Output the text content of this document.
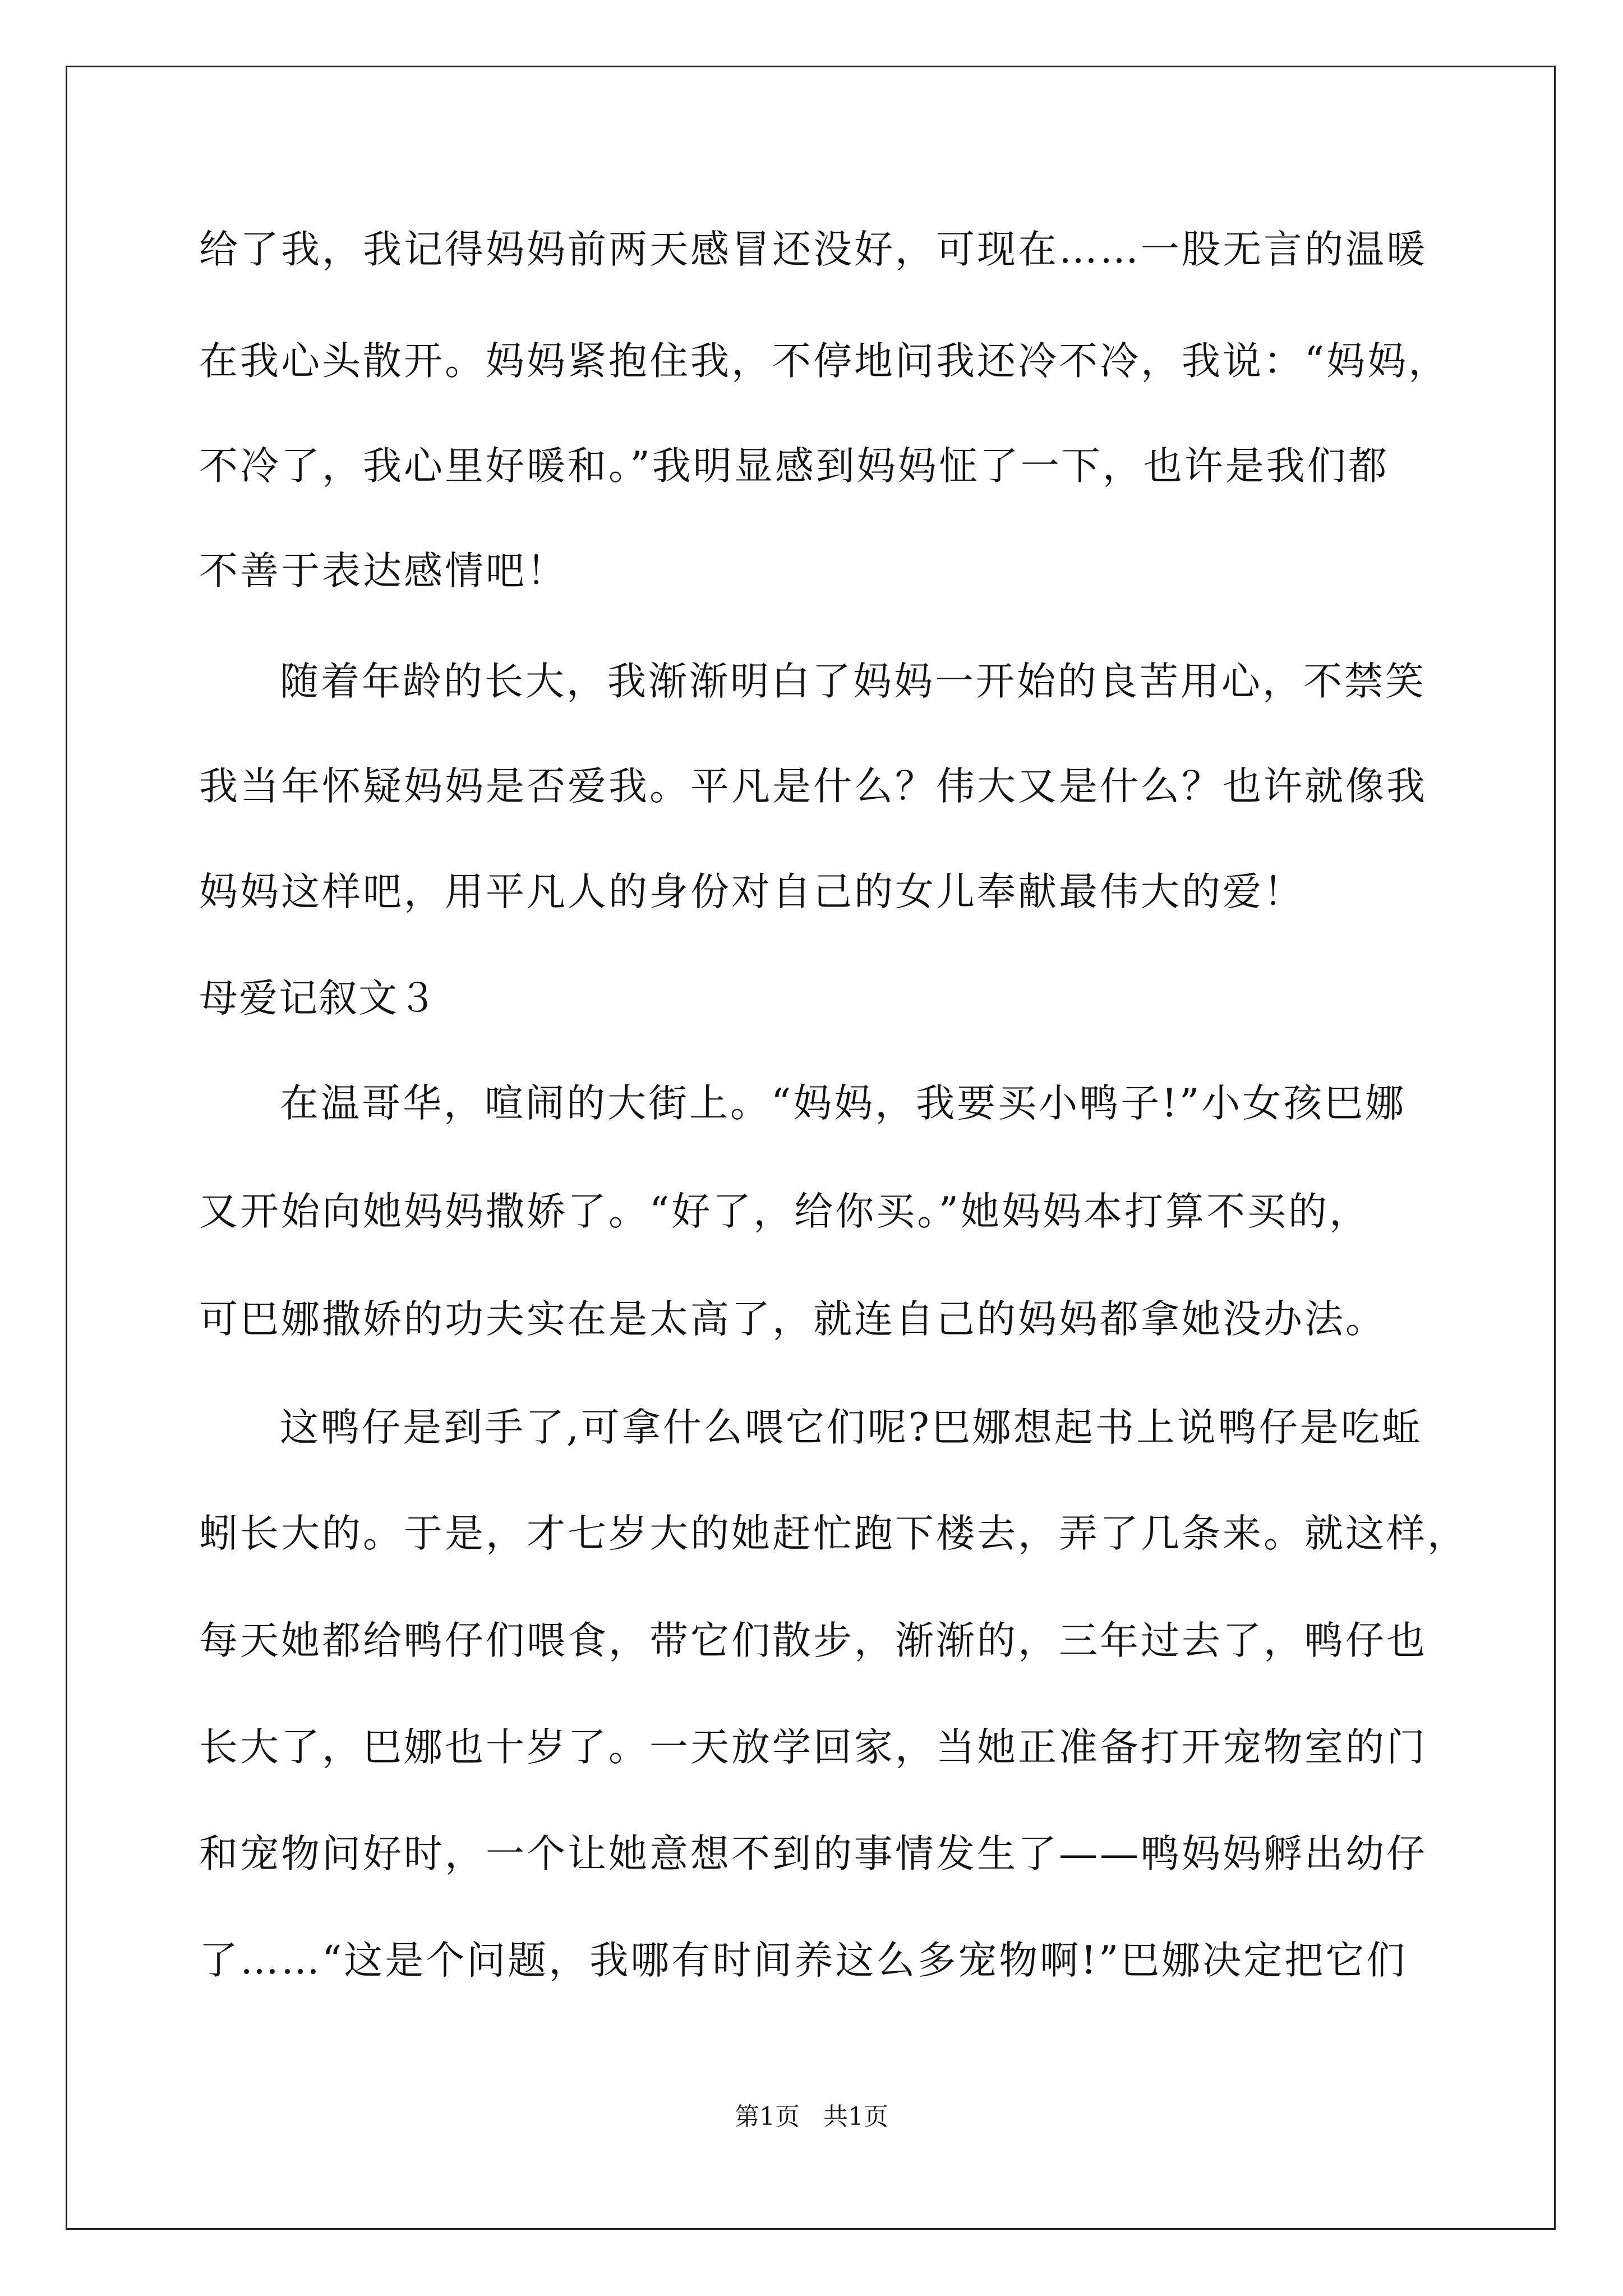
给了我，我记得妈妈前两天感冒还没好，可现在……一股无言的温暖
在我心头散开。妈妈紧抱住我，不停地问我还冷不冷，我说：“妈妈，
不冷了，我心里好暖和。”我明显感到妈妈怔了一下，也许是我们都
不善于表达感情吧！
随着年龄的长大，我渐渐明白了妈妈一开始的良苦用心，不禁笑
我当年怀疑妈妈是否爱我。平凡是什么？伟大又是什么？也许就像我
妈妈这样吧，用平凡人的身份对自己的女儿奉献最伟大的爱！
母爱记叙文３
在温哥华，喧闹的大街上。“妈妈，我要买小鸭子!”小女孩巴娜
又开始向她妈妈撒娇了。“好了，给你买。”她妈妈本打算不买的，
可巴娜撒娇的功夫实在是太高了，就连自己的妈妈都拿她没办法。
这鸭仔是到手了,可拿什么喂它们呢?巴娜想起书上说鸭仔是吃蚯
蚓长大的。于是，才七岁大的她赶忙跑下楼去，弄了几条来。就这样，
每天她都给鸭仔们喂食，带它们散步，渐渐的，三年过去了，鸭仔也
长大了，巴娜也十岁了。一天放学回家，当她正准备打开宠物室的门
和宠物问好时，一个让她意想不到的事情发生了——鸭妈妈孵出幼仔
了……“这是个问题，我哪有时间养这么多宠物啊!”巴娜决定把它们
第1页   共1页
